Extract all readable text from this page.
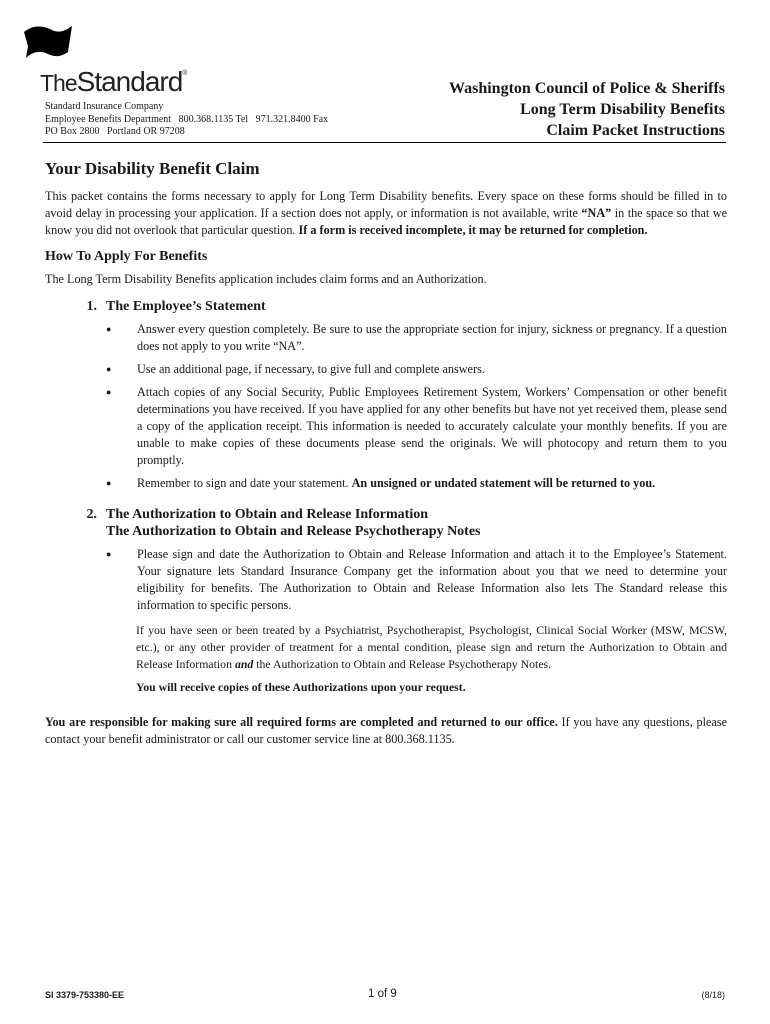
TheStandard®
Standard Insurance Company
Employee Benefits Department   800.368.1135 Tel   971.321.8400 Fax
PO Box 2800   Portland OR 97208
Washington Council of Police & Sheriffs
Long Term Disability Benefits
Claim Packet Instructions
Your Disability Benefit Claim

This packet contains the forms necessary to apply for Long Term Disability benefits. Every space on these forms should be filled in to avoid delay in processing your application. If a section does not apply, or information is not available, write “NA” in the space so that we know you did not overlook that particular question. If a form is received incomplete, it may be returned for completion.

How To Apply For Benefits

The Long Term Disability Benefits application includes claim forms and an Authorization.

1. The Employee’s Statement
●	Answer every question completely. Be sure to use the appropriate section for injury, sickness or pregnancy. If a question does not apply to you write “NA”.
●	Use an additional page, if necessary, to give full and complete answers.
●	Attach copies of any Social Security, Public Employees Retirement System, Workers’ Compensation or other benefit determinations you have received. If you have applied for any other benefits but have not yet received them, please send a copy of the application receipt. This information is needed to accurately calculate your monthly benefits. If you are unable to make copies of these documents please send the originals. We will photocopy and return them to you promptly.
●	Remember to sign and date your statement. An unsigned or undated statement will be returned to you.
2. The Authorization to Obtain and Release Information
The Authorization to Obtain and Release Psychotherapy Notes
●	Please sign and date the Authorization to Obtain and Release Information and attach it to the Employee’s Statement. Your signature lets Standard Insurance Company get the information about you that we need to determine your eligibility for benefits. The Authorization to Obtain and Release Information also lets The Standard release this information to specific persons.

If you have seen or been treated by a Psychiatrist, Psychotherapist, Psychologist, Clinical Social Worker (MSW, MCSW, etc.), or any other provider of treatment for a mental condition, please sign and return the Authorization to Obtain and Release Information and the Authorization to Obtain and Release Psychotherapy Notes.

You will receive copies of these Authorizations upon your request.

You are responsible for making sure all required forms are completed and returned to our office. If you have any questions, please contact your benefit administrator or call our customer service line at 800.368.1135.

SI 3379-753380-EE	1 of 9	(8/18)
